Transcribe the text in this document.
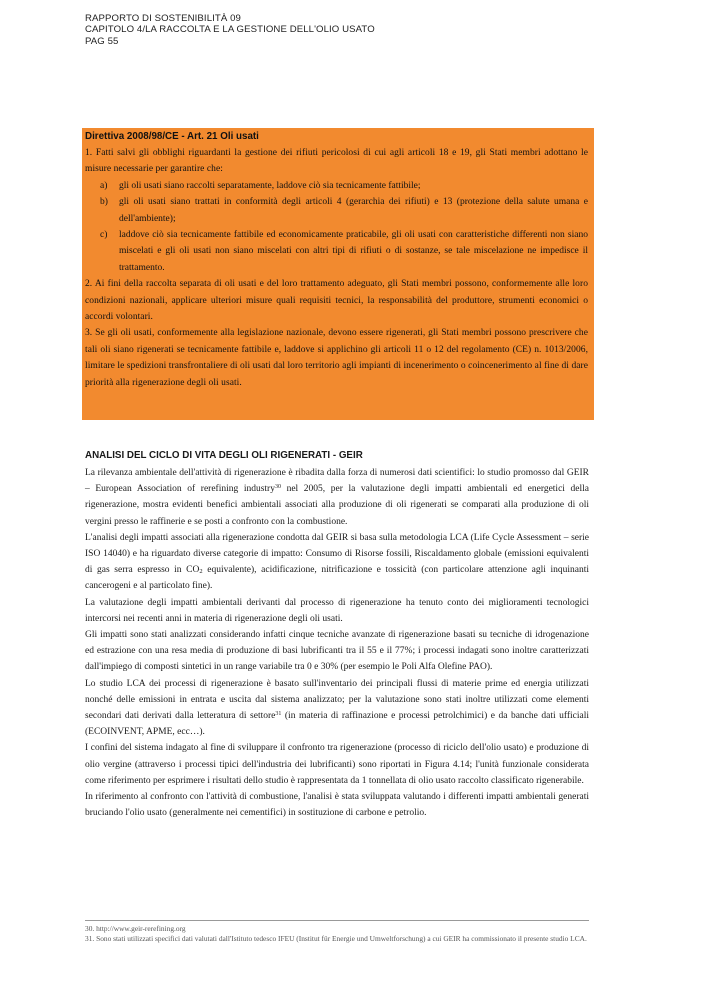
RAPPORTO DI SOSTENIBILITÀ 09
CAPITOLO 4/LA RACCOLTA E LA GESTIONE DELL'OLIO USATO
PAG 55

Direttiva 2008/98/CE - Art. 21 Oli usati

1. Fatti salvi gli obblighi riguardanti la gestione dei rifiuti pericolosi di cui agli articoli 18 e 19, gli Stati membri adottano le misure necessarie per garantire che:

a) gli oli usati siano raccolti separatamente, laddove ciò sia tecnicamente fattibile;
b) gli oli usati siano trattati in conformità degli articoli 4 (gerarchia dei rifiuti) e 13 (protezione della salute umana e dell'ambiente);
c) laddove ciò sia tecnicamente fattibile ed economicamente praticabile, gli oli usati con caratteristiche differenti non siano miscelati e gli oli usati non siano miscelati con altri tipi di rifiuti o di sostanze, se tale miscelazione ne impedisce il trattamento.

2. Ai fini della raccolta separata di oli usati e del loro trattamento adeguato, gli Stati membri possono, conformemente alle loro condizioni nazionali, applicare ulteriori misure quali requisiti tecnici, la responsabilità del produttore, strumenti economici o accordi volontari.

3. Se gli oli usati, conformemente alla legislazione nazionale, devono essere rigenerati, gli Stati membri possono prescrivere che tali oli siano rigenerati se tecnicamente fattibile e, laddove si applichino gli articoli 11 o 12 del regolamento (CE) n. 1013/2006, limitare le spedizioni transfrontaliere di oli usati dal loro territorio agli impianti di incenerimento o coincenerimento al fine di dare priorità alla rigenerazione degli oli usati.

ANALISI DEL CICLO DI VITA DEGLI OLI RIGENERATI - GEIR

La rilevanza ambientale dell'attività di rigenerazione è ribadita dalla forza di numerosi dati scientifici: lo studio promosso dal GEIR – European Association of rerefining industry$^{30}$ nel 2005, per la valutazione degli impatti ambientali ed energetici della rigenerazione, mostra evidenti benefici ambientali associati alla produzione di oli rigenerati se comparati alla produzione di oli vergini presso le raffinerie e se posti a confronto con la combustione.

L'analisi degli impatti associati alla rigenerazione condotta dal GEIR si basa sulla metodologia LCA (Life Cycle Assessment – serie ISO 14040) e ha riguardato diverse categorie di impatto: Consumo di Risorse fossili, Riscaldamento globale (emissioni equivalenti di gas serra espresso in $CO_2$ equivalente), acidificazione, nitrificazione e tossicità (con particolare attenzione agli inquinanti cancerogeni e al particolato fine).

La valutazione degli impatti ambientali derivanti dal processo di rigenerazione ha tenuto conto dei miglioramenti tecnologici intercorsi nei recenti anni in materia di rigenerazione degli oli usati.

Gli impatti sono stati analizzati considerando infatti cinque tecniche avanzate di rigenerazione basati su tecniche di idrogenazione ed estrazione con una resa media di produzione di basi lubrificanti tra il 55 e il 77%; i processi indagati sono inoltre caratterizzati dall'impiego di composti sintetici in un range variabile tra 0 e 30% (per esempio le Poli Alfa Olefine PAO).

Lo studio LCA dei processi di rigenerazione è basato sull'inventario dei principali flussi di materie prime ed energia utilizzati nonché delle emissioni in entrata e uscita dal sistema analizzato; per la valutazione sono stati inoltre utilizzati come elementi secondari dati derivati dalla letteratura di settore$^{31}$ (in materia di raffinazione e processi petrolchimici) e da banche dati ufficiali (ECOINVENT, APME, ecc…).

I confini del sistema indagato al fine di sviluppare il confronto tra rigenerazione (processo di riciclo dell'olio usato) e produzione di olio vergine (attraverso i processi tipici dell'industria dei lubrificanti) sono riportati in Figura 4.14; l'unità funzionale considerata come riferimento per esprimere i risultati dello studio è rappresentata da 1 tonnellata di olio usato raccolto classificato rigenerabile.

In riferimento al confronto con l'attività di combustione, l'analisi è stata sviluppata valutando i differenti impatti ambientali generati bruciando l'olio usato (generalmente nei cementifici) in sostituzione di carbone e petrolio.

30. http://www.geir-rerefining.org

31. Sono stati utilizzati specifici dati valutati dall'Istituto tedesco IFEU (Institut für Energie und Umweltforschung) a cui GEIR ha commissionato il presente studio LCA.
